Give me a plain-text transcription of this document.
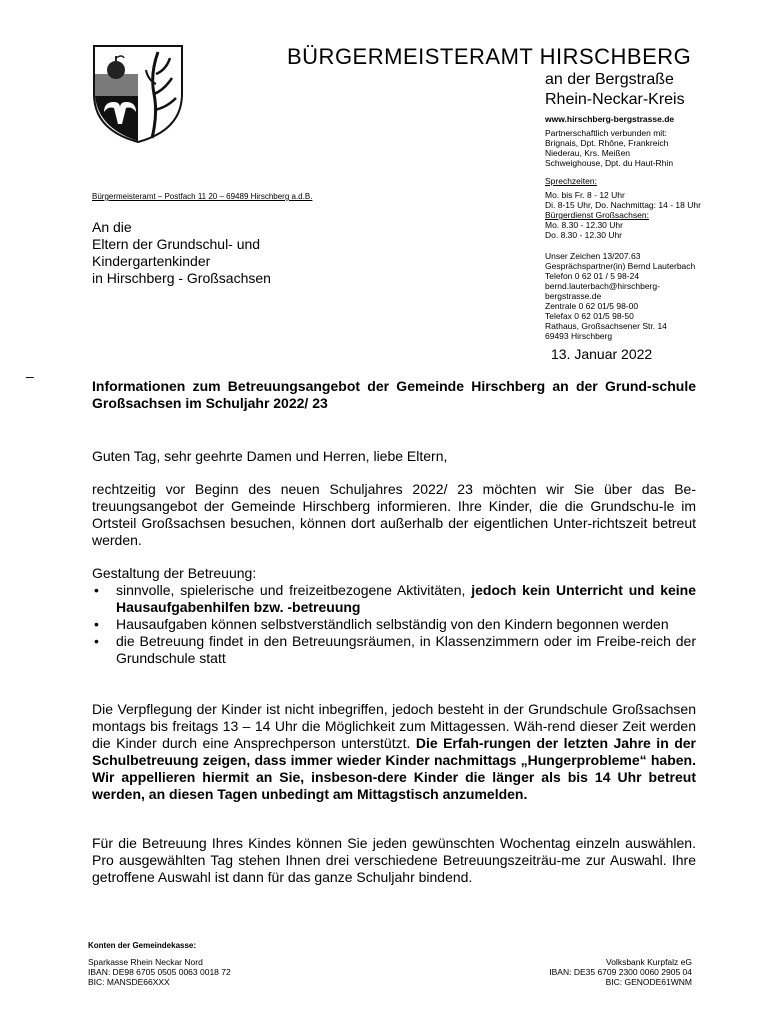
BÜRGERMEISTERAMT HIRSCHBERG
an der Bergstraße
Rhein-Neckar-Kreis
www.hirschberg-bergstrasse.de
Partnerschaftlich verbunden mit:
Brignais, Dpt. Rhône, Frankreich
Niederau, Krs. Meißen
Schweighouse, Dpt. du Haut-Rhin
Sprechzeiten:
Mo. bis Fr. 8 - 12 Uhr
Di. 8-15 Uhr, Do. Nachmittag: 14 - 18 Uhr
Bürgerdienst Großsachsen:
Mo. 8.30 - 12.30 Uhr
Do. 8.30 - 12.30 Uhr
Unser Zeichen 13/207.63
Gesprächspartner(in) Bernd Lauterbach
Telefon 0 62 01 / 5 98-24
bernd.lauterbach@hirschberg-
bergstrasse.de
Zentrale 0 62 01/5 98-00
Telefax 0 62 01/5 98-50
Rathaus, Großsachsener Str. 14
69493 Hirschberg
13. Januar 2022
Bürgermeisteramt – Postfach 11 20 – 69489 Hirschberg a.d.B.
An die
Eltern der Grundschul- und
Kindergartenkinder
in Hirschberg - Großsachsen
–
Informationen zum Betreuungsangebot der Gemeinde Hirschberg an der Grund-schule Großsachsen im Schuljahr 2022/ 23
Guten Tag, sehr geehrte Damen und Herren, liebe Eltern,
rechtzeitig vor Beginn des neuen Schuljahres 2022/ 23 möchten wir Sie über das Be-treuungsangebot der Gemeinde Hirschberg informieren. Ihre Kinder, die die Grundschu-le im Ortsteil Großsachsen besuchen, können dort außerhalb der eigentlichen Unter-richtszeit betreut werden.
Gestaltung der Betreuung:
• sinnvolle, spielerische und freizeitbezogene Aktivitäten, jedoch kein Unterricht und keine Hausaufgabenhilfen bzw. -betreuung
• Hausaufgaben können selbstverständlich selbständig von den Kindern begonnen werden
• die Betreuung findet in den Betreuungsräumen, in Klassenzimmern oder im Freibe-reich der Grundschule statt
Die Verpflegung der Kinder ist nicht inbegriffen, jedoch besteht in der Grundschule Großsachsen montags bis freitags 13 – 14 Uhr die Möglichkeit zum Mittagessen. Wäh-rend dieser Zeit werden die Kinder durch eine Ansprechperson unterstützt. Die Erfah-rungen der letzten Jahre in der Schulbetreuung zeigen, dass immer wieder Kinder nachmittags „Hungerprobleme“ haben. Wir appellieren hiermit an Sie, insbeson-dere Kinder die länger als bis 14 Uhr betreut werden, an diesen Tagen unbedingt am Mittagstisch anzumelden.
Für die Betreuung Ihres Kindes können Sie jeden gewünschten Wochentag einzeln auswählen. Pro ausgewählten Tag stehen Ihnen drei verschiedene Betreuungszeiträu-me zur Auswahl. Ihre getroffene Auswahl ist dann für das ganze Schuljahr bindend.
Konten der Gemeindekasse:
Sparkasse Rhein Neckar Nord
IBAN: DE98 6705 0505 0063 0018 72
BIC: MANSDE66XXX
Volksbank Kurpfalz eG
IBAN: DE35 6709 2300 0060 2905 04
BIC: GENODE61WNM
